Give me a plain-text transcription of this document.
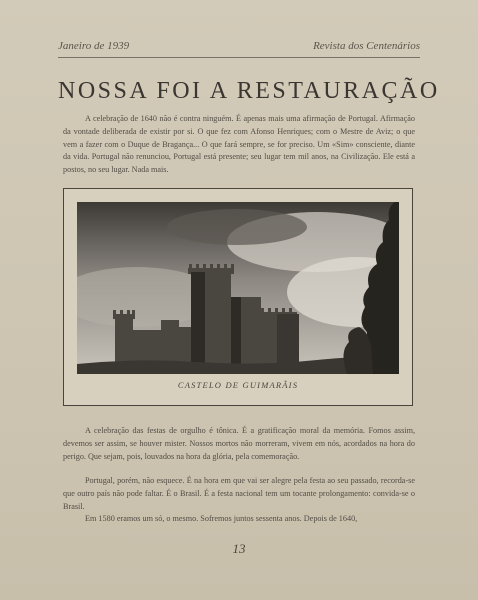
Janeiro de 1939	Revista dos Centenários
NOSSA FOI A RESTAURAÇÃO
A celebração de 1640 não é contra ninguém. É apenas mais uma afirmação de Portugal. Afirmação da vontade deliberada de existir por si. O que fez com Afonso Henriques; com o Mestre de Aviz; o que vem a fazer com o Duque de Bragança... O que fará sempre, se for preciso. Um «Sim» consciente, diante da vida. Portugal não renunciou, Portugal está presente; seu lugar tem mil anos, na Civilização. Ele está a postos, no seu lugar. Nada mais.
CASTELO DE GUIMARÃIS
A celebração das festas de orgulho é tônica. É a gratificação moral da memória. Fomos assim, devemos ser assim, se houver mister. Nossos mortos não morreram, vivem em nós, acordados na hora do perigo. Que sejam, pois, louvados na hora da glória, pela comemoração.
Portugal, porém, não esquece. É na hora em que vai ser alegre pela festa ao seu passado, recorda-se que outro país não pode faltar. É o Brasil. É a festa nacional tem um tocante prolongamento: convida-se o Brasil.
Em 1580 eramos um só, o mesmo. Sofremos juntos sessenta anos. Depois de 1640,
13
